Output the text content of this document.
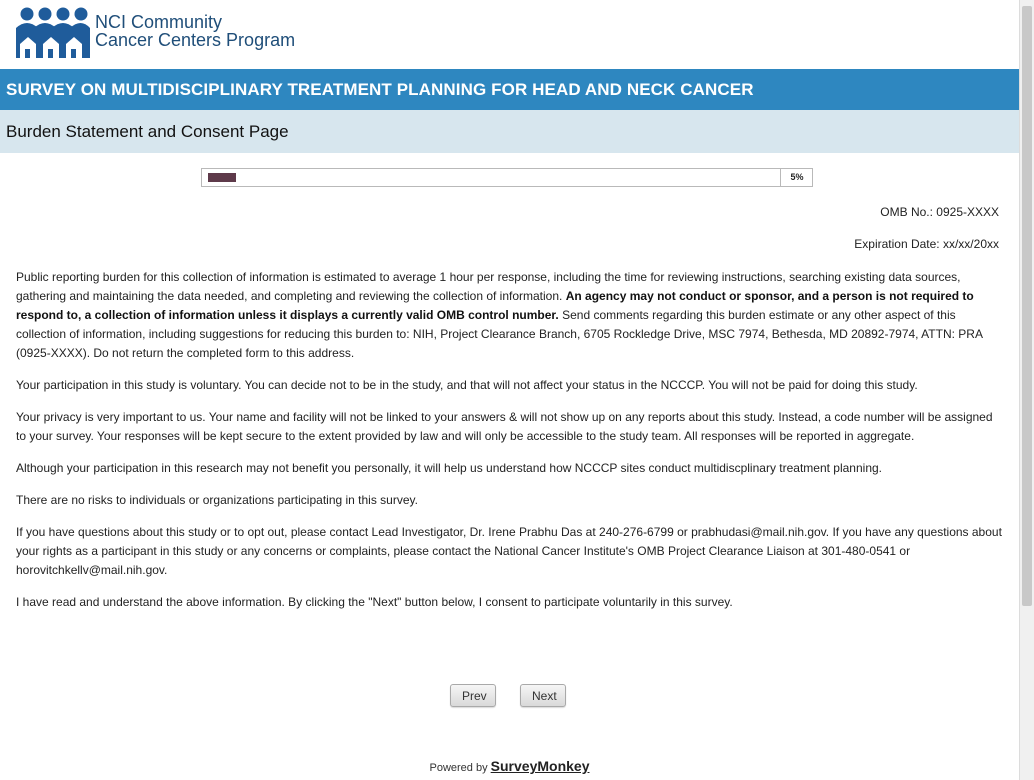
NCI Community
Cancer Centers Program
SURVEY ON MULTIDISCIPLINARY TREATMENT PLANNING FOR HEAD AND NECK CANCER
Burden Statement and Consent Page
5%
OMB No.: 0925-XXXX
Expiration Date: xx/xx/20xx

Public reporting burden for this collection of information is estimated to average 1 hour per response, including the time for reviewing instructions, searching existing data sources, gathering and maintaining the data needed, and completing and reviewing the collection of information. An agency may not conduct or sponsor, and a person is not required to respond to, a collection of information unless it displays a currently valid OMB control number. Send comments regarding this burden estimate or any other aspect of this collection of information, including suggestions for reducing this burden to: NIH, Project Clearance Branch, 6705 Rockledge Drive, MSC 7974, Bethesda, MD 20892-7974, ATTN: PRA (0925-XXXX). Do not return the completed form to this address.

Your participation in this study is voluntary. You can decide not to be in the study, and that will not affect your status in the NCCCP. You will not be paid for doing this study.

Your privacy is very important to us. Your name and facility will not be linked to your answers & will not show up on any reports about this study. Instead, a code number will be assigned to your survey. Your responses will be kept secure to the extent provided by law and will only be accessible to the study team. All responses will be reported in aggregate.

Although your participation in this research may not benefit you personally, it will help us understand how NCCCP sites conduct multidiscplinary treatment planning.

There are no risks to individuals or organizations participating in this survey.

If you have questions about this study or to opt out, please contact Lead Investigator, Dr. Irene Prabhu Das at 240-276-6799 or prabhudasi@mail.nih.gov. If you have any questions about your rights as a participant in this study or any concerns or complaints, please contact the National Cancer Institute's OMB Project Clearance Liaison at 301-480-0541 or horovitchkellv@mail.nih.gov.

I have read and understand the above information. By clicking the "Next" button below, I consent to participate voluntarily in this survey.

Prev	Next
Powered by SurveyMonkey
